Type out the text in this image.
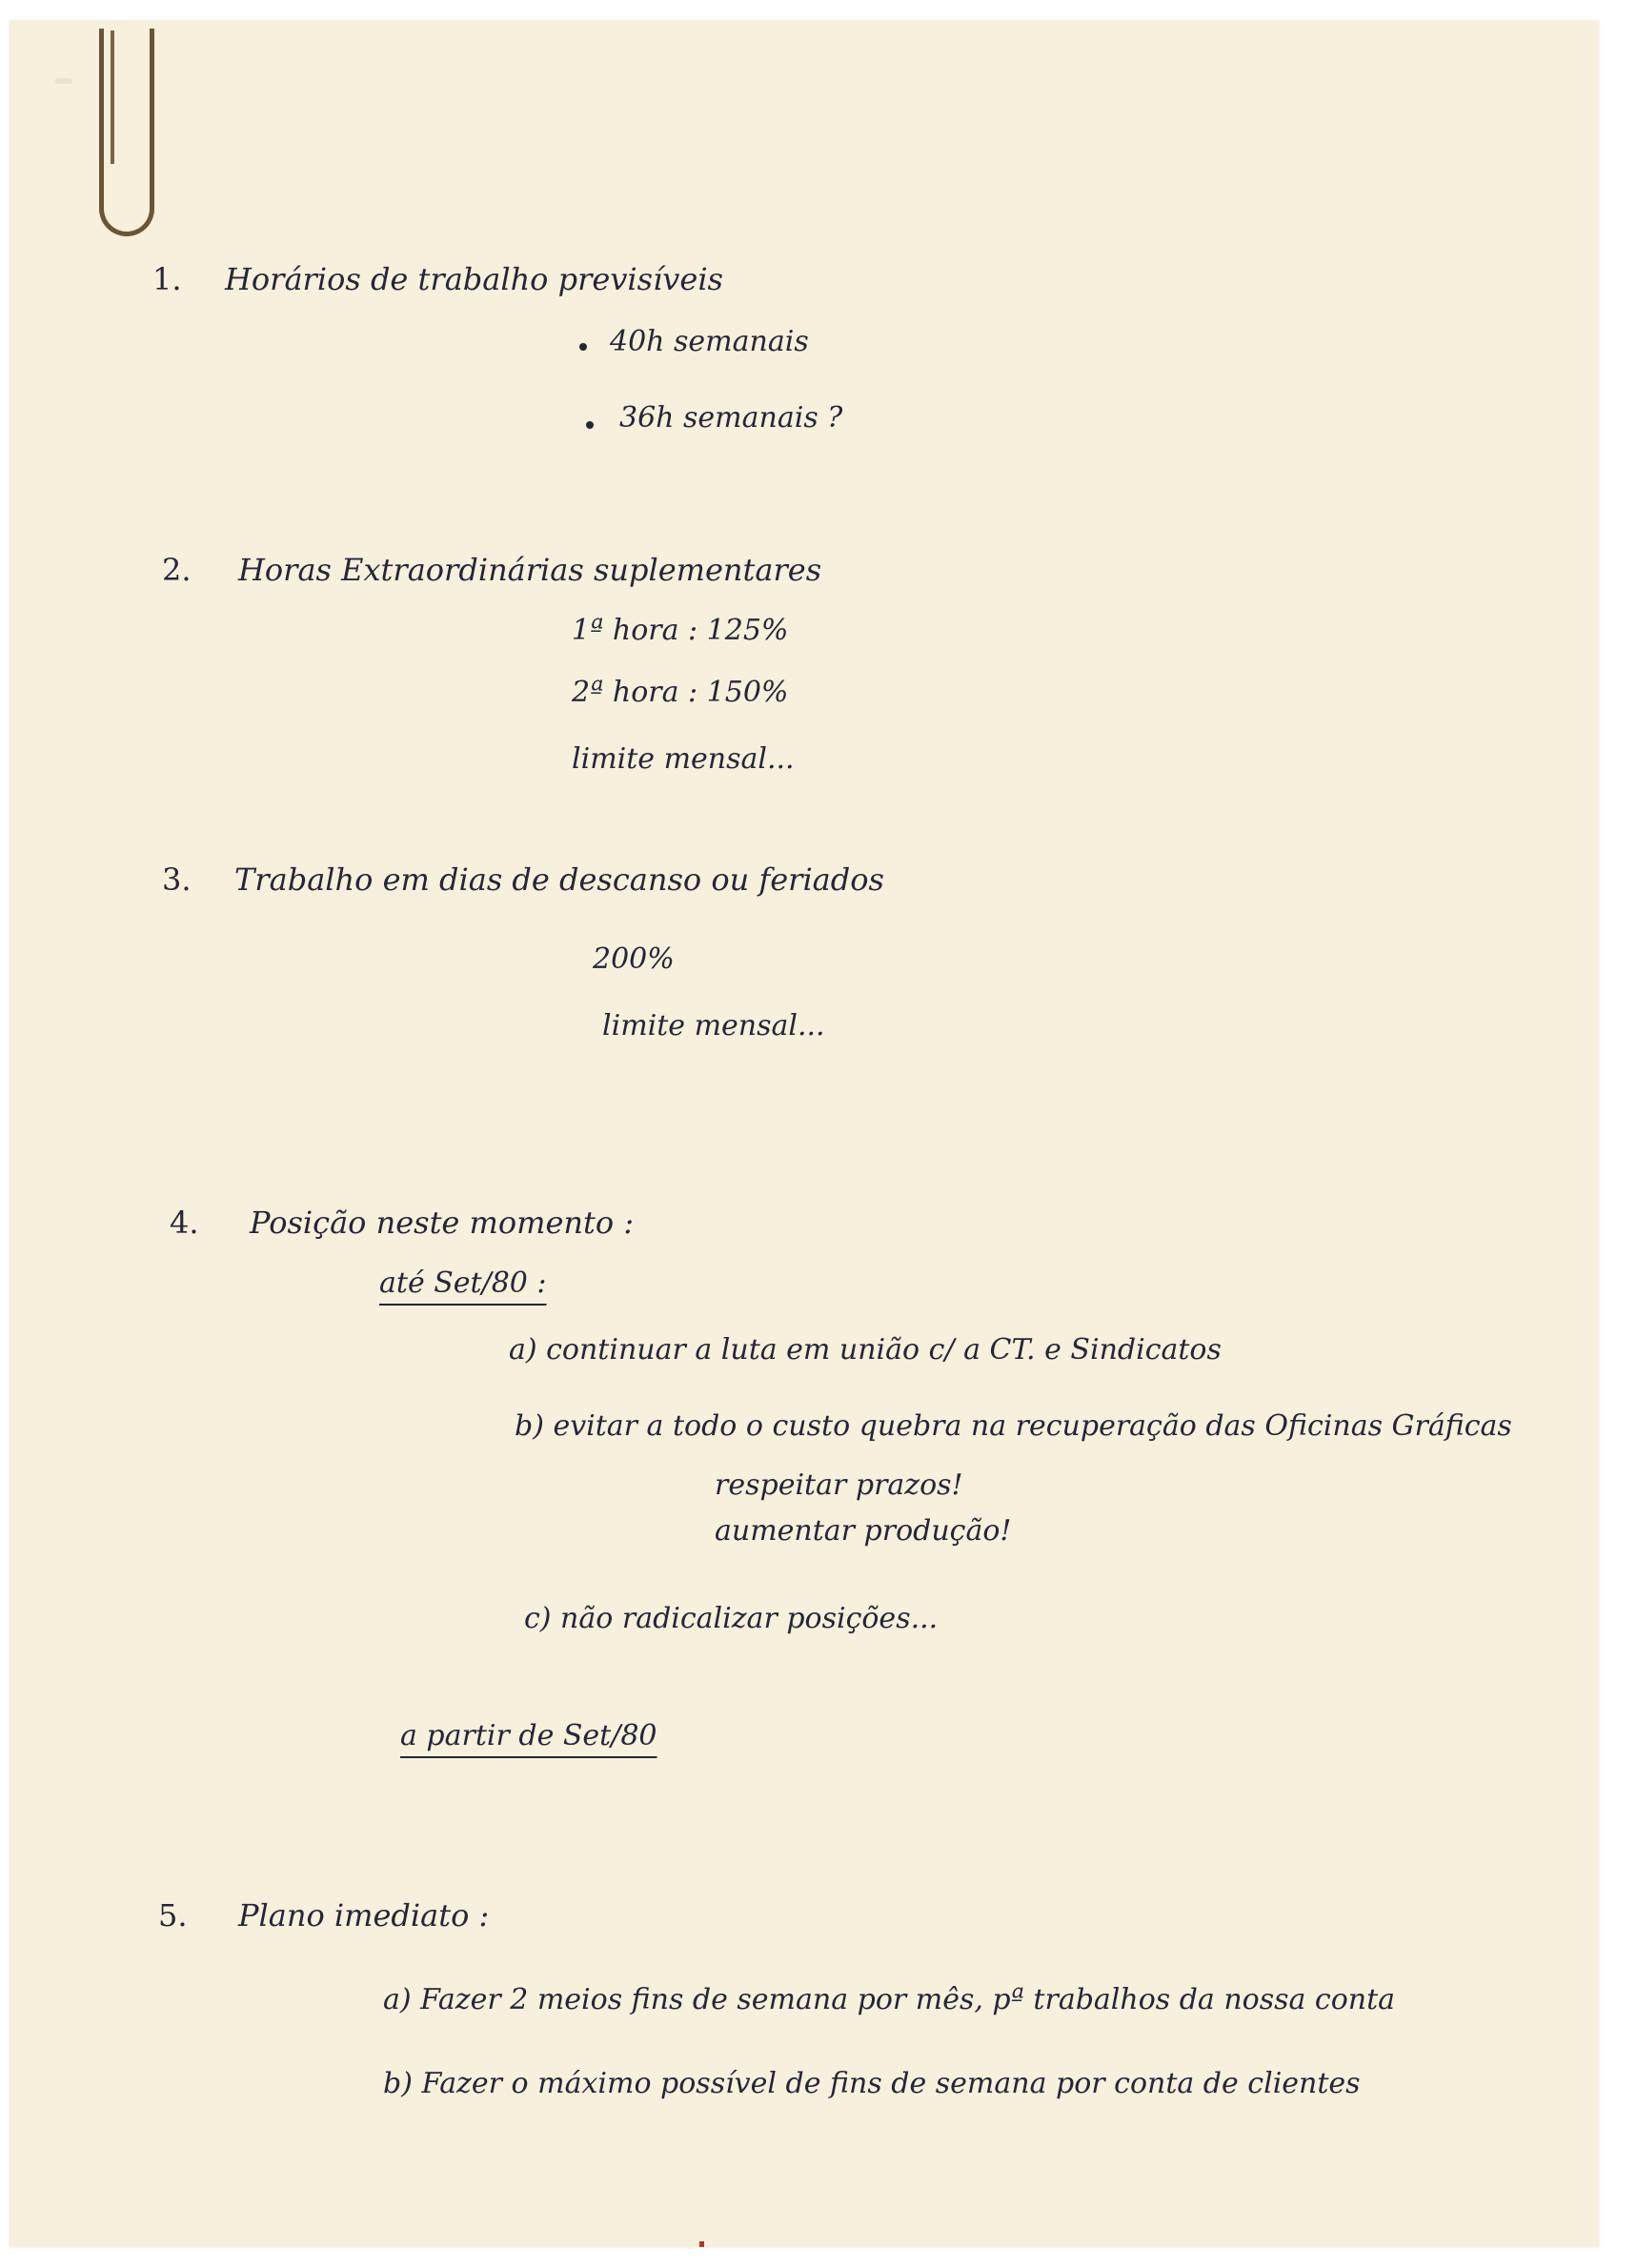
1. Horários de trabalho previsíveis
40h semanais
36h semanais ?
2. Horas Extraordinárias suplementares
1ª hora : 125%
2ª hora : 150%
limite mensal...
3. Trabalho em dias de descanso ou feriados
200%
limite mensal...
4. Posição neste momento :
até Set/80 :
a) continuar a luta em união c/ a CT. e Sindicatos
b) evitar a todo o custo quebra na recuperação das Oficinas Gráficas
respeitar prazos!
aumentar produção!
c) não radicalizar posições...
a partir de Set/80
5. Plano imediato :
a) Fazer 2 meios fins de semana por mês, pª trabalhos da nossa conta
b) Fazer o máximo possível de fins de semana por conta de clientes
